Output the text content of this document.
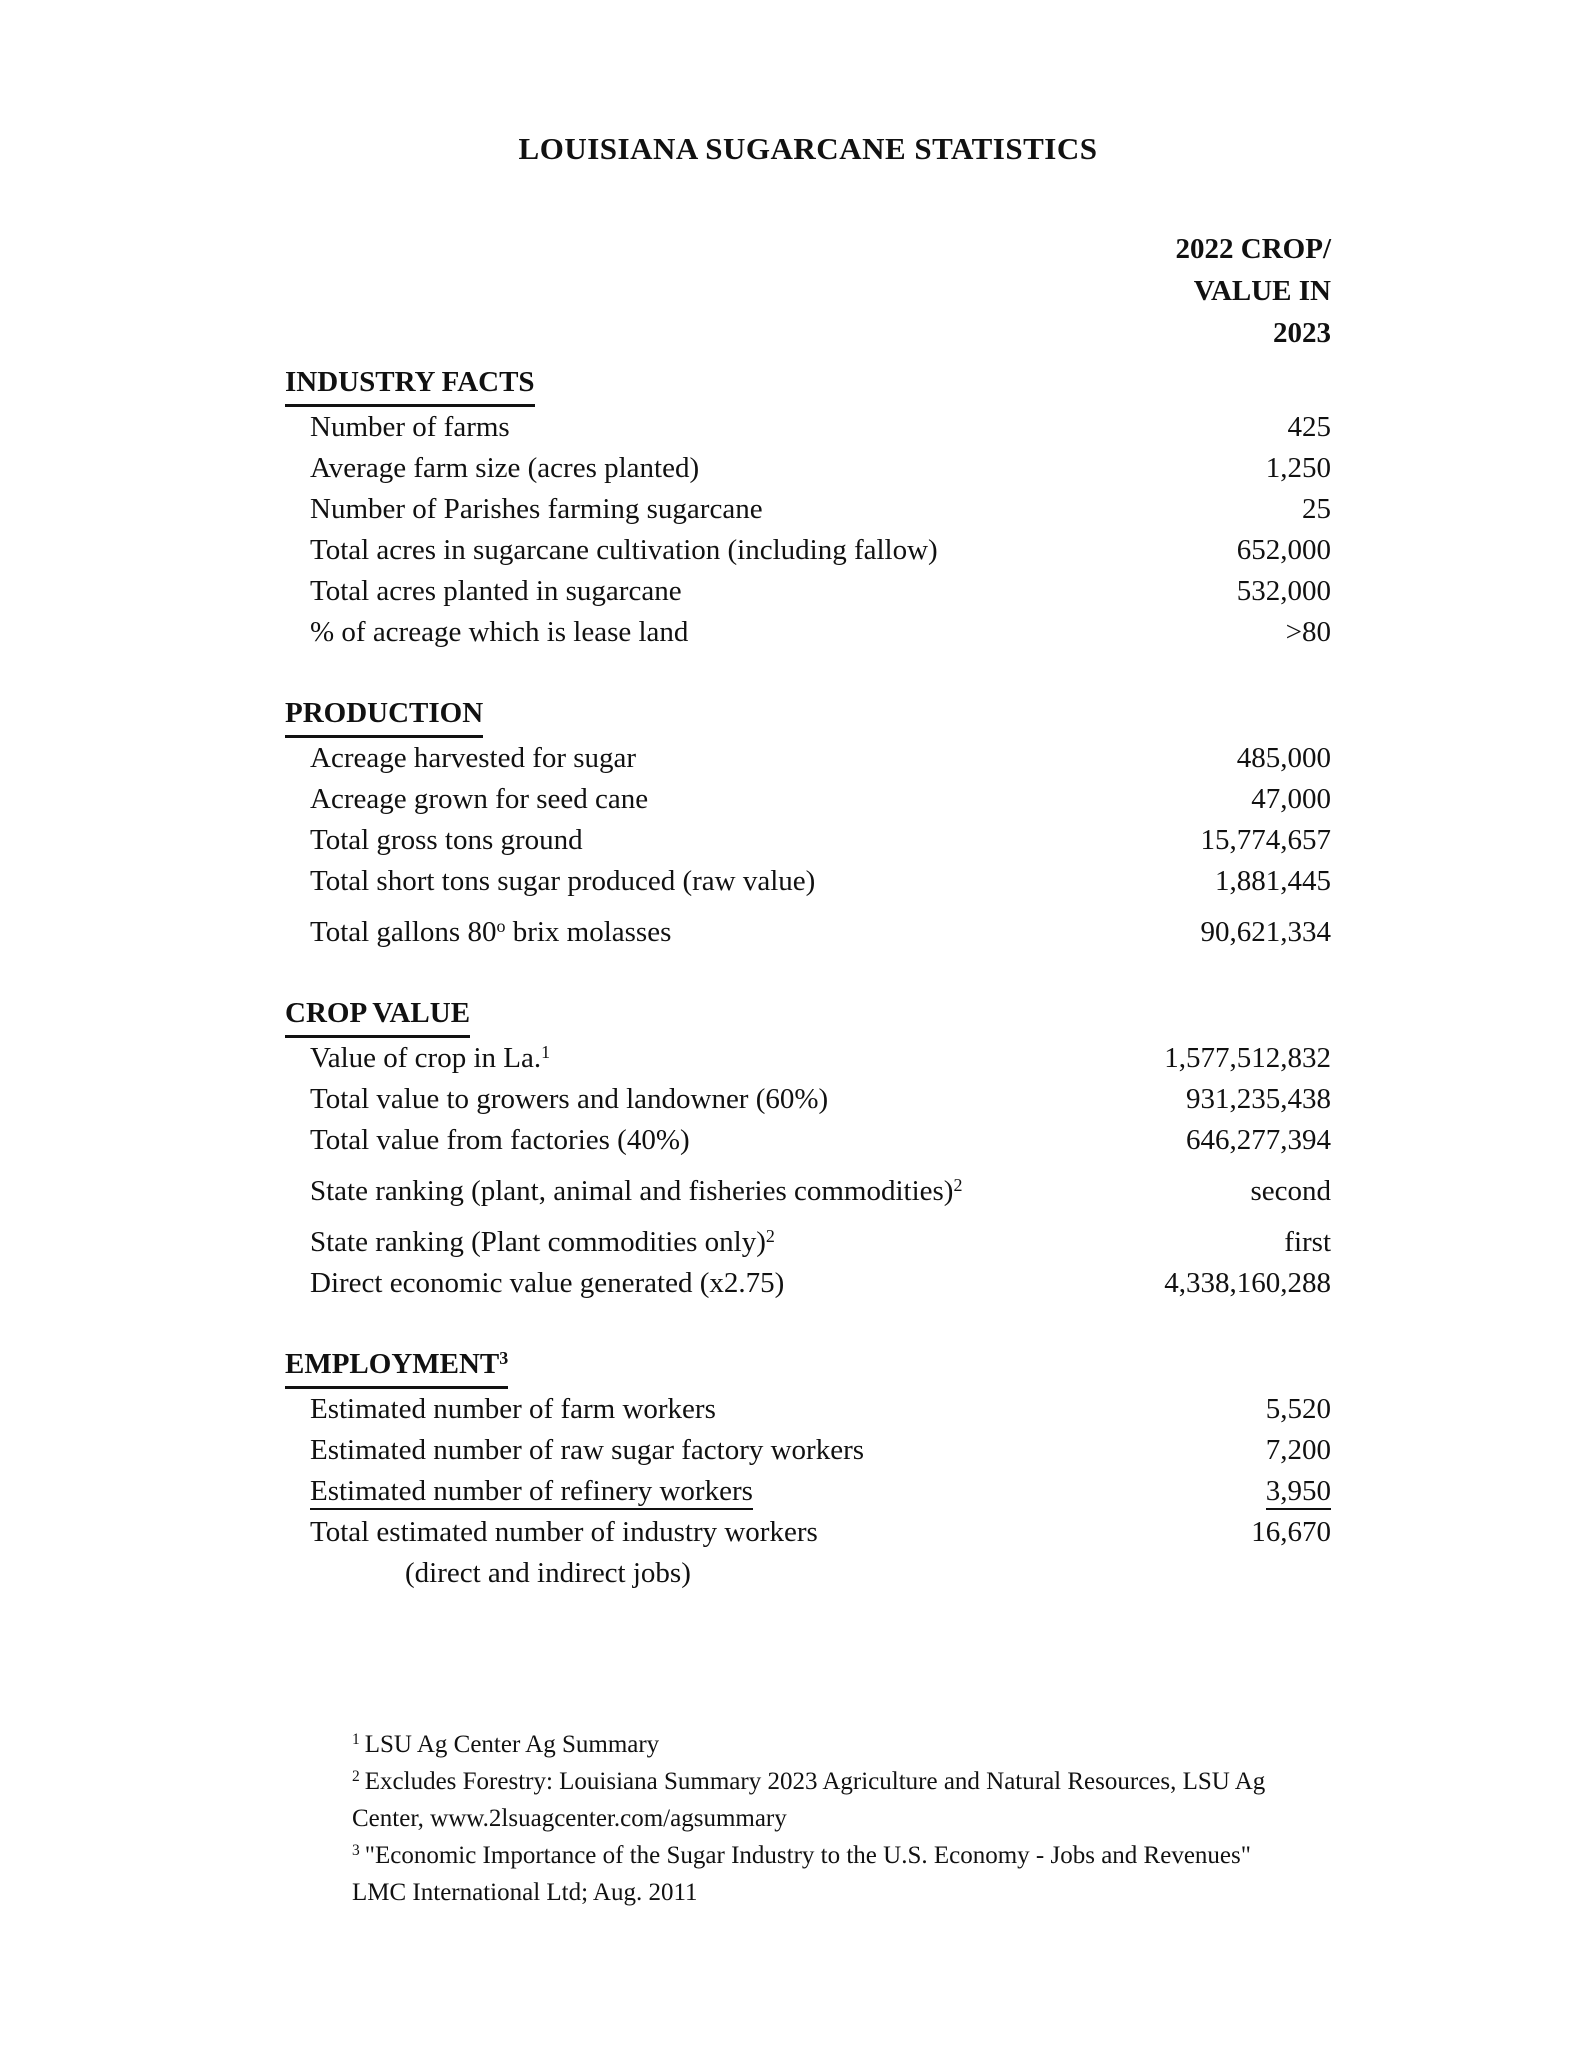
LOUISIANA SUGARCANE STATISTICS
2022 CROP/
VALUE IN
2023
INDUSTRY FACTS
Number of farms	425
Average farm size (acres planted)	1,250
Number of Parishes farming sugarcane	25
Total acres in sugarcane cultivation (including fallow)	652,000
Total acres planted in sugarcane	532,000
% of acreage which is lease land	>80
PRODUCTION
Acreage harvested for sugar	485,000
Acreage grown for seed cane	47,000
Total gross tons ground	15,774,657
Total short tons sugar produced (raw value)	1,881,445
Total gallons 80$^o$ brix molasses	90,621,334
CROP VALUE
Value of crop in La.$^1$	1,577,512,832
Total value to growers and landowner (60%)	931,235,438
Total value from factories (40%)	646,277,394
State ranking (plant, animal and fisheries commodities)$^2$	second
State ranking (Plant commodities only)$^2$	first
Direct economic value generated (x2.75)	4,338,160,288
EMPLOYMENT$^3$
Estimated number of farm workers	5,520
Estimated number of raw sugar factory workers	7,200
Estimated number of refinery workers	3,950
Total estimated number of industry workers	16,670
(direct and indirect jobs)
$^1$ LSU Ag Center Ag Summary
$^2$ Excludes Forestry: Louisiana Summary 2023 Agriculture and Natural Resources, LSU Ag
Center, www.2lsuagcenter.com/agsummary
$^3$ "Economic Importance of the Sugar Industry to the U.S. Economy - Jobs and Revenues"
LMC International Ltd; Aug. 2011
